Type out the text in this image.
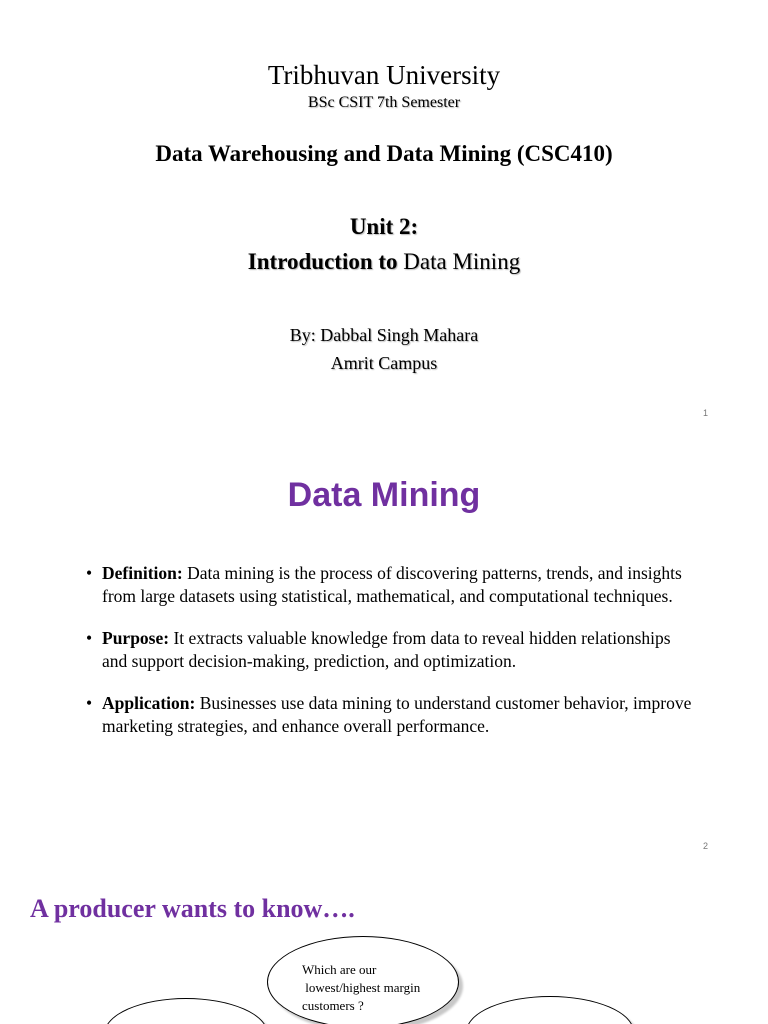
Tribhuvan University
BSc CSIT 7th Semester
Data Warehousing and Data Mining (CSC410)
Unit 2:
Introduction to Data Mining
By: Dabbal Singh Mahara
Amrit Campus
1
Data Mining
• Definition: Data mining is the process of discovering patterns, trends, and insights from large datasets using statistical, mathematical, and computational techniques.
• Purpose: It extracts valuable knowledge from data to reveal hidden relationships and support decision-making, prediction, and optimization.
• Application: Businesses use data mining to understand customer behavior, improve marketing strategies, and enhance overall performance.
2
A producer wants to know….
Which are our
lowest/highest margin
customers ?
